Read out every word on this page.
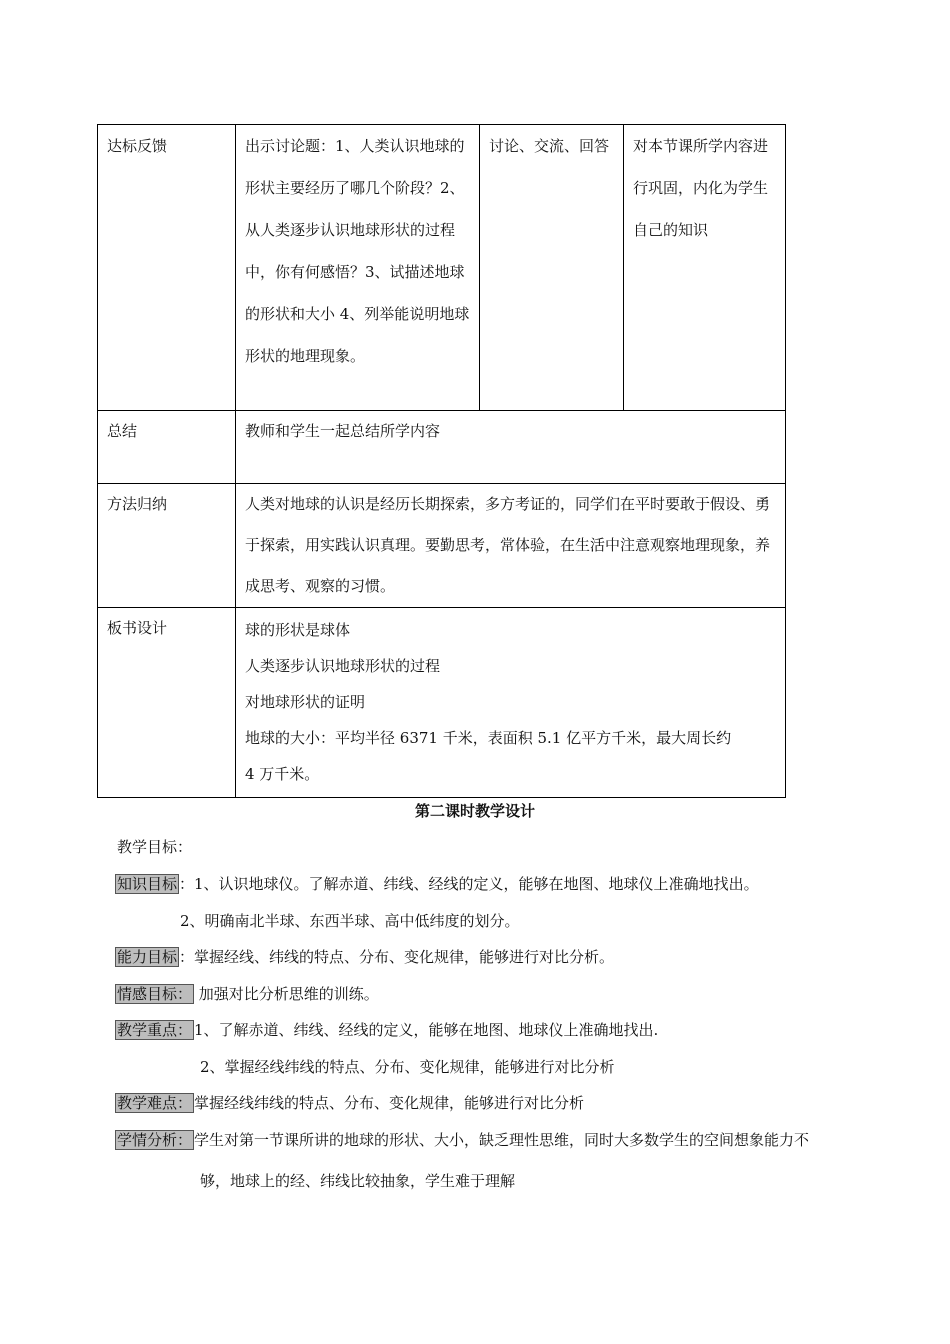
达标反馈	出示讨论题：1、人类认识地球的形状主要经历了哪几个阶段？2、从人类逐步认识地球形状的过程中，你有何感悟？3、试描述地球的形状和大小 4、列举能说明地球形状的地理现象。	讨论、交流、回答	对本节课所学内容进行巩固，内化为学生自己的知识
总结	教师和学生一起总结所学内容		
方法归纳	人类对地球的认识是经历长期探索，多方考证的，同学们在平时要敢于假设、勇于探索，用实践认识真理。要勤思考，常体验，在生活中注意观察地理现象，养成思考、观察的习惯。		
板书设计	球的形状是球体
人类逐步认识地球形状的过程
对地球形状的证明
地球的大小：平均半径 6371 千米，表面积 5.1 亿平方千米，最大周长约
4 万千米。		
第二课时教学设计
教学目标：
知识目标 ：1、认识地球仪。了解赤道、纬线、经线的定义，能够在地图、地球仪上准确地找出。
2、明确南北半球、东西半球、高中低纬度的划分。
能力目标 ：掌握经线、纬线的特点、分布、变化规律，能够进行对比分析。
情感目标： 加强对比分析思维的训练。
教学重点： 1、了解赤道、纬线、经线的定义，能够在地图、地球仪上准确地找出.
2、掌握经线纬线的特点、分布、变化规律，能够进行对比分析
教学难点： 掌握经线纬线的特点、分布、变化规律，能够进行对比分析
学情分析： 学生对第一节课所讲的地球的形状、大小，缺乏理性思维，同时大多数学生的空间想象能力不
够，地球上的经、纬线比较抽象，学生难于理解
